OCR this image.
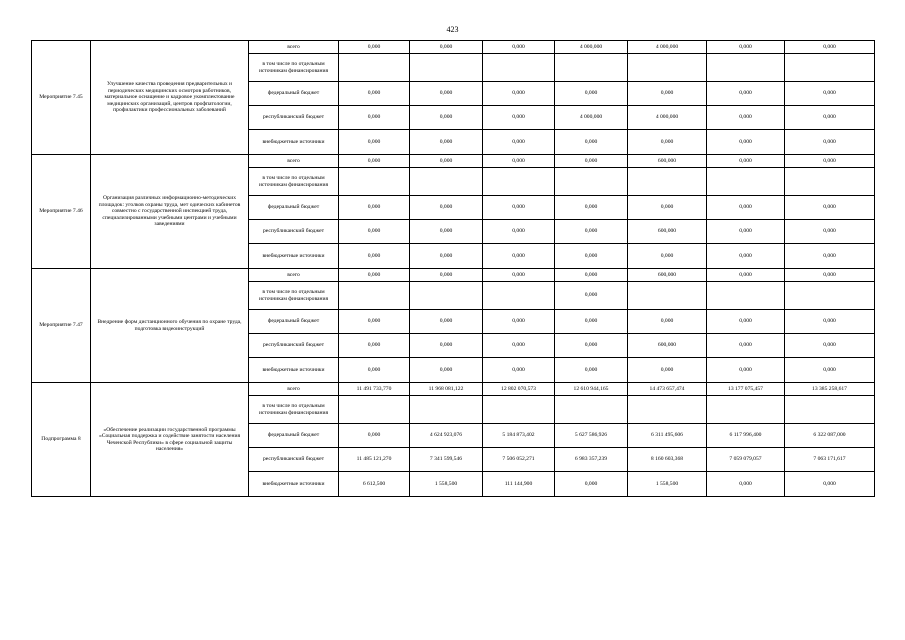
423
Мероприятие 7.45	Улучшение качества проведения предварительных и периодических медицинских осмотров работников, материальное оснащение и кадровое укомплектование медицинских организаций, центров профпатологии, профилактики профессиональных заболеваний	всего	0,000	0,000	0,000	4 000,000	4 000,000	0,000	0,000
		в том числе по отдельным источникам финансирования							
		федеральный бюджет	0,000	0,000	0,000	0,000	0,000	0,000	0,000
		республиканский бюджет	0,000	0,000	0,000	4 000,000	4 000,000	0,000	0,000
		внебюджетные источники	0,000	0,000	0,000	0,000	0,000	0,000	0,000
Мероприятие 7.46	Организация различных информационно-методических площадок: уголков охраны труда, мет одических кабинетов совместно с государственной инспекцией труда, специализированными учебными центрами и учебными заведениями	всего	0,000	0,000	0,000	0,000	600,000	0,000	0,000
		в том числе по отдельным источникам финансирования							
		федеральный бюджет	0,000	0,000	0,000	0,000	0,000	0,000	0,000
		республиканский бюджет	0,000	0,000	0,000	0,000	600,000	0,000	0,000
		внебюджетные источники	0,000	0,000	0,000	0,000	0,000	0,000	0,000
Мероприятие 7.47	Внедрение форм дистанционного обучения по охране труда, подготовка видеоинструкций	всего	0,000	0,000	0,000	0,000	600,000	0,000	0,000
		в том числе по отдельным источникам финансирования				0,000			
		федеральный бюджет	0,000	0,000	0,000	0,000	0,000	0,000	0,000
		республиканский бюджет	0,000	0,000	0,000	0,000	600,000	0,000	0,000
		внебюджетные источники	0,000	0,000	0,000	0,000	0,000	0,000	0,000
Подпрограмма 8	«Обеспечение реализации государственной программы «Социальная поддержка и содействие занятости населения Чеченской Республики» в сфере социальной защиты населения»	всего	11 491 733,770	11 968 081,122	12 802 070,573	12 610 944,165	14 473 657,474	13 177 075,457	13 385 258,617
		в том числе по отдельным источникам финансирования							
		федеральный бюджет	0,000	4 624 923,076	5 184 873,402	5 627 586,926	6 311 495,606	6 117 996,400	6 322 087,000
		республиканский бюджет	11 485 121,270	7 341 599,546	7 506 052,271	6 983 357,239	8 160 603,368	7 059 079,057	7 063 171,617
		внебюджетные источники	6 612,500	1 558,500	111 144,900	0,000	1 558,500	0,000	0,000
